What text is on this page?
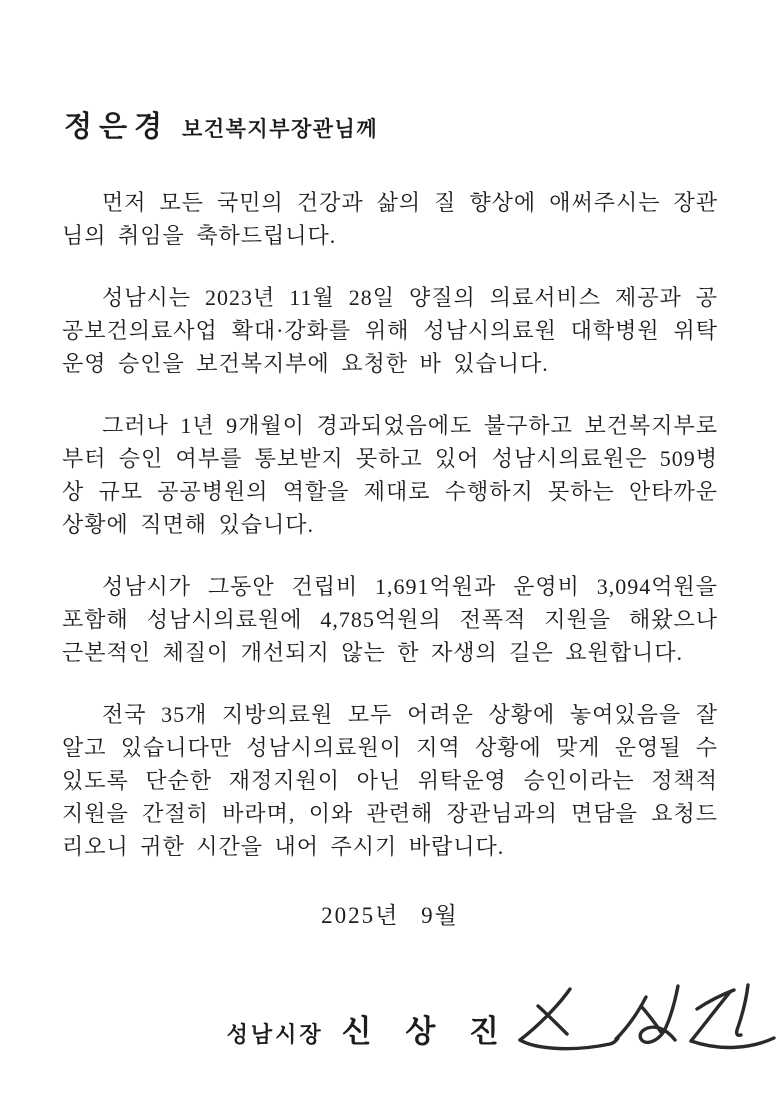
정은경 보건복지부장관님께

먼저 모든 국민의 건강과 삶의 질 향상에 애써주시는 장관님의 취임을 축하드립니다.

성남시는 2023년 11월 28일 양질의 의료서비스 제공과 공공보건의료사업 확대·강화를 위해 성남시의료원 대학병원 위탁운영 승인을 보건복지부에 요청한 바 있습니다.

그러나 1년 9개월이 경과되었음에도 불구하고 보건복지부로부터 승인 여부를 통보받지 못하고 있어 성남시의료원은 509병상 규모 공공병원의 역할을 제대로 수행하지 못하는 안타까운 상황에 직면해 있습니다.

성남시가 그동안 건립비 1,691억원과 운영비 3,094억원을 포함해 성남시의료원에 4,785억원의 전폭적 지원을 해왔으나 근본적인 체질이 개선되지 않는 한 자생의 길은 요원합니다.

전국 35개 지방의료원 모두 어려운 상황에 놓여있음을 잘 알고 있습니다만 성남시의료원이 지역 상황에 맞게 운영될 수 있도록 단순한 재정지원이 아닌 위탁운영 승인이라는 정책적 지원을 간절히 바라며, 이와 관련해 장관님과의 면담을 요청드리오니 귀한 시간을 내어 주시기 바랍니다.

2025년 9월
성남시장 신 상 진
